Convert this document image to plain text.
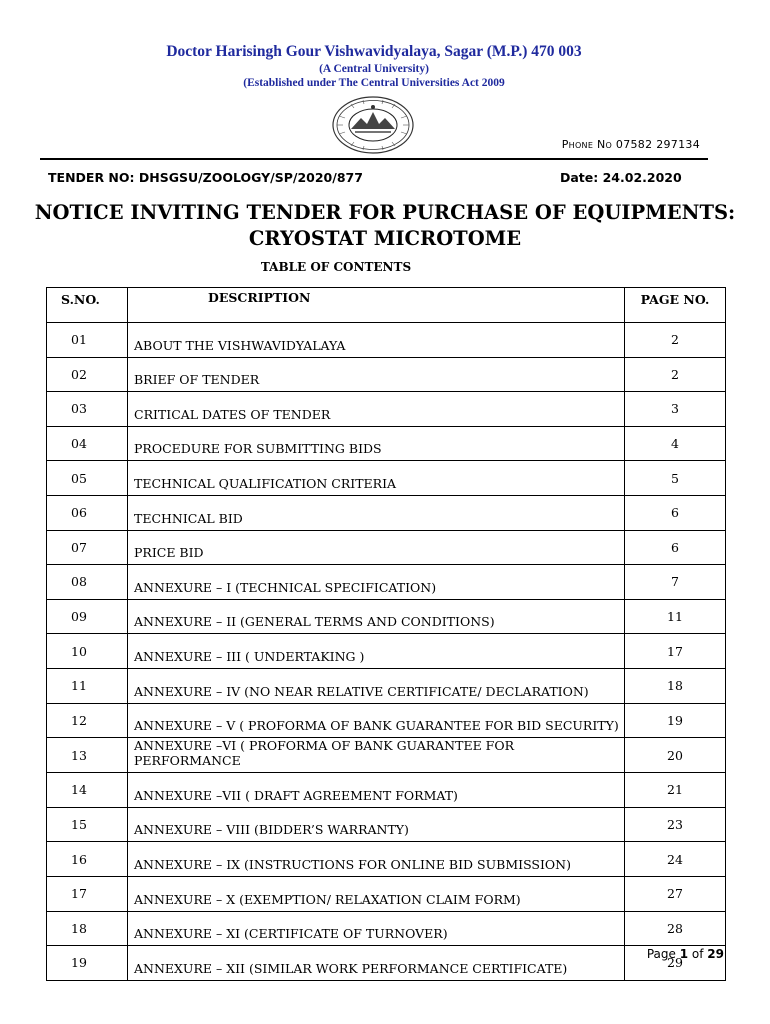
Doctor Harisingh Gour Vishwavidyalaya, Sagar (M.P.) 470 003
(A Central University)
(Established under The Central Universities Act 2009
Phone No 07582 297134
TENDER NO: DHSGSU/ZOOLOGY/SP/2020/877	Date: 24.02.2020
NOTICE INVITING TENDER FOR PURCHASE OF EQUIPMENTS:
CRYOSTAT MICROTOME
TABLE OF CONTENTS
S.NO.	DESCRIPTION	PAGE NO.
01	ABOUT THE VISHWAVIDYALAYA	2
02	BRIEF OF TENDER	2
03	CRITICAL DATES OF TENDER	3
04	PROCEDURE FOR SUBMITTING BIDS	4
05	TECHNICAL QUALIFICATION CRITERIA	5
06	TECHNICAL BID	6
07	PRICE BID	6
08	ANNEXURE – I (TECHNICAL SPECIFICATION)	7
09	ANNEXURE – II (GENERAL TERMS AND CONDITIONS)	11
10	ANNEXURE – III ( UNDERTAKING )	17
11	ANNEXURE – IV (NO NEAR RELATIVE CERTIFICATE/ DECLARATION)	18
12	ANNEXURE – V ( PROFORMA OF BANK GUARANTEE FOR BID SECURITY)	19
13	ANNEXURE –VI ( PROFORMA OF BANK GUARANTEE FOR PERFORMANCE	20
14	ANNEXURE –VII ( DRAFT AGREEMENT FORMAT)	21
15	ANNEXURE – VIII (BIDDER’S WARRANTY)	23
16	ANNEXURE – IX (INSTRUCTIONS FOR ONLINE BID SUBMISSION)	24
17	ANNEXURE – X (EXEMPTION/ RELAXATION CLAIM FORM)	27
18	ANNEXURE – XI (CERTIFICATE OF TURNOVER)	28
19	ANNEXURE – XII (SIMILAR WORK PERFORMANCE CERTIFICATE)	29
Page 1 of 29
